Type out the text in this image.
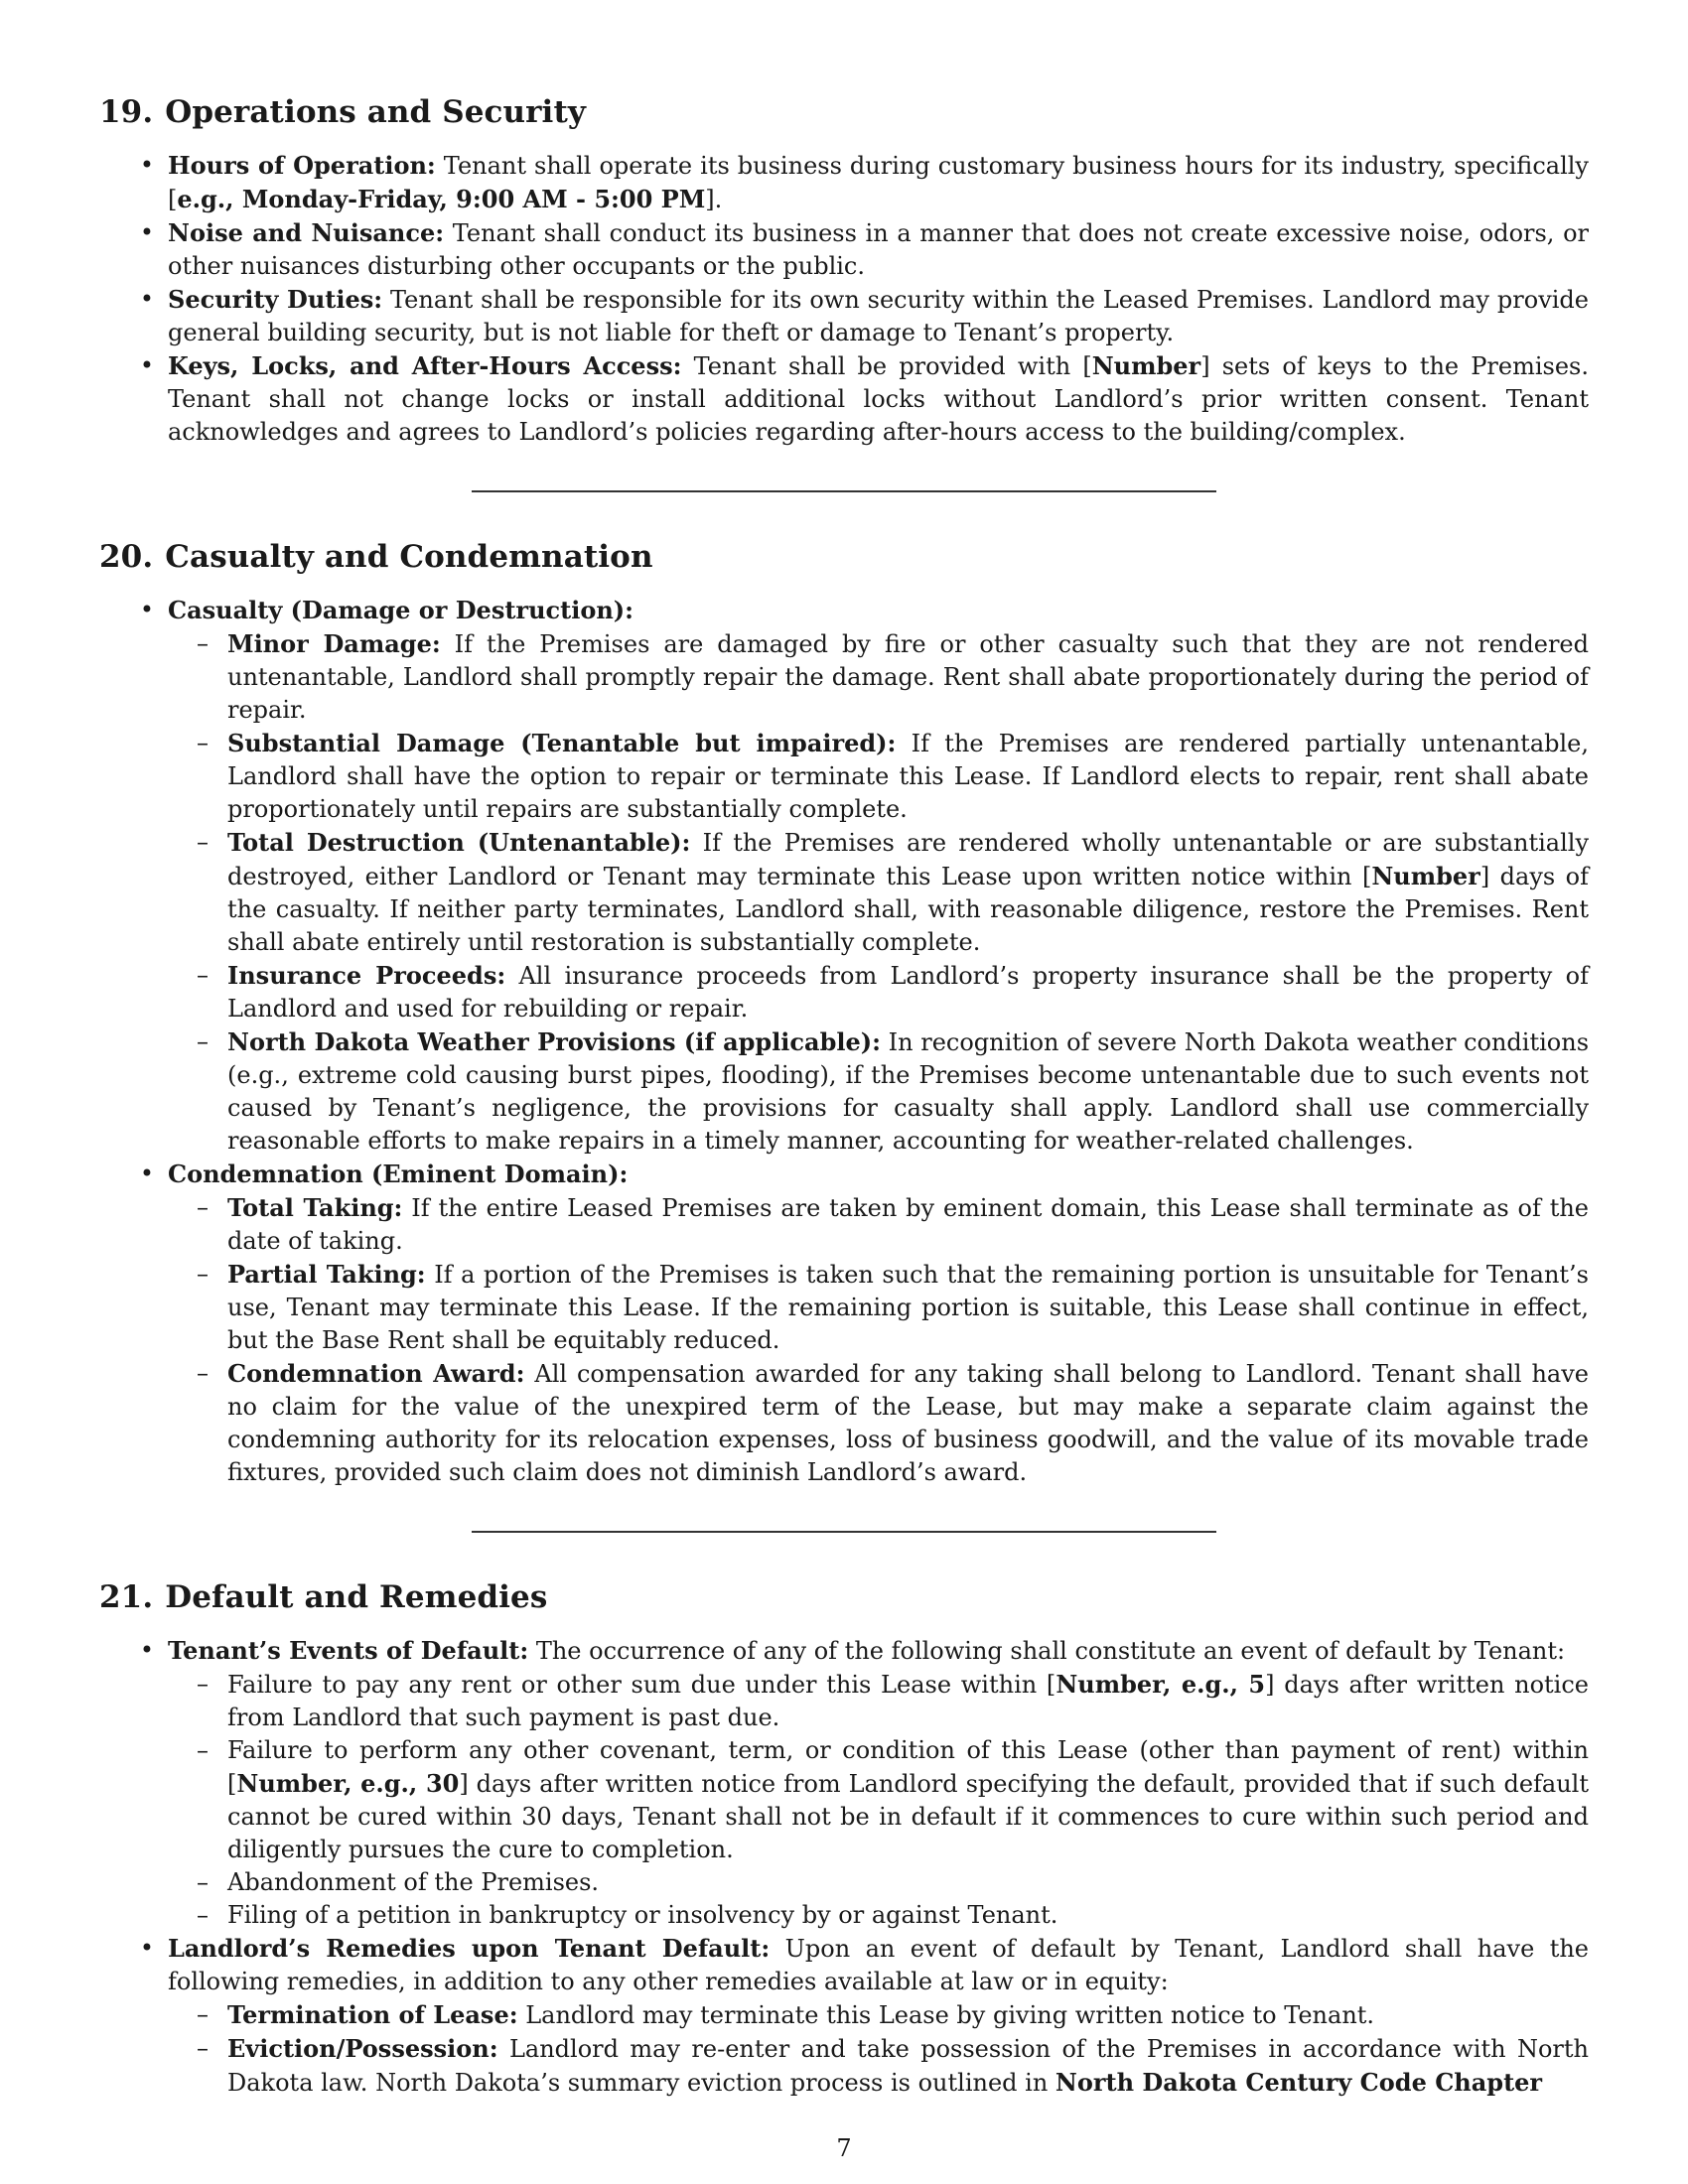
19. Operations and Security
• Hours of Operation: Tenant shall operate its business during customary business hours for its industry, specifically [e.g., Monday-Friday, 9:00 AM - 5:00 PM].
• Noise and Nuisance: Tenant shall conduct its business in a manner that does not create excessive noise, odors, or other nuisances disturbing other occupants or the public.
• Security Duties: Tenant shall be responsible for its own security within the Leased Premises. Landlord may provide general building security, but is not liable for theft or damage to Tenant’s property.
• Keys, Locks, and After-Hours Access: Tenant shall be provided with [Number] sets of keys to the Premises. Tenant shall not change locks or install additional locks without Landlord’s prior written consent. Tenant acknowledges and agrees to Landlord’s policies regarding after-hours access to the building/complex.
20. Casualty and Condemnation
• Casualty (Damage or Destruction):
– Minor Damage: If the Premises are damaged by fire or other casualty such that they are not rendered untenantable, Landlord shall promptly repair the damage. Rent shall abate proportionately during the period of repair.
– Substantial Damage (Tenantable but impaired): If the Premises are rendered partially untenantable, Landlord shall have the option to repair or terminate this Lease. If Landlord elects to repair, rent shall abate proportionately until repairs are substantially complete.
– Total Destruction (Untenantable): If the Premises are rendered wholly untenantable or are substantially destroyed, either Landlord or Tenant may terminate this Lease upon written notice within [Number] days of the casualty. If neither party terminates, Landlord shall, with reasonable diligence, restore the Premises. Rent shall abate entirely until restoration is substantially complete.
– Insurance Proceeds: All insurance proceeds from Landlord’s property insurance shall be the property of Landlord and used for rebuilding or repair.
– North Dakota Weather Provisions (if applicable): In recognition of severe North Dakota weather conditions (e.g., extreme cold causing burst pipes, flooding), if the Premises become untenantable due to such events not caused by Tenant’s negligence, the provisions for casualty shall apply. Landlord shall use commercially reasonable efforts to make repairs in a timely manner, accounting for weather-related challenges.
• Condemnation (Eminent Domain):
– Total Taking: If the entire Leased Premises are taken by eminent domain, this Lease shall terminate as of the date of taking.
– Partial Taking: If a portion of the Premises is taken such that the remaining portion is unsuitable for Tenant’s use, Tenant may terminate this Lease. If the remaining portion is suitable, this Lease shall continue in effect, but the Base Rent shall be equitably reduced.
– Condemnation Award: All compensation awarded for any taking shall belong to Landlord. Tenant shall have no claim for the value of the unexpired term of the Lease, but may make a separate claim against the condemning authority for its relocation expenses, loss of business goodwill, and the value of its movable trade fixtures, provided such claim does not diminish Landlord’s award.
21. Default and Remedies
• Tenant’s Events of Default: The occurrence of any of the following shall constitute an event of default by Tenant:
– Failure to pay any rent or other sum due under this Lease within [Number, e.g., 5] days after written notice from Landlord that such payment is past due.
– Failure to perform any other covenant, term, or condition of this Lease (other than payment of rent) within [Number, e.g., 30] days after written notice from Landlord specifying the default, provided that if such default cannot be cured within 30 days, Tenant shall not be in default if it commences to cure within such period and diligently pursues the cure to completion.
– Abandonment of the Premises.
– Filing of a petition in bankruptcy or insolvency by or against Tenant.
• Landlord’s Remedies upon Tenant Default: Upon an event of default by Tenant, Landlord shall have the following remedies, in addition to any other remedies available at law or in equity:
– Termination of Lease: Landlord may terminate this Lease by giving written notice to Tenant.
– Eviction/Possession: Landlord may re-enter and take possession of the Premises in accordance with North Dakota law. North Dakota’s summary eviction process is outlined in North Dakota Century Code Chapter
7
